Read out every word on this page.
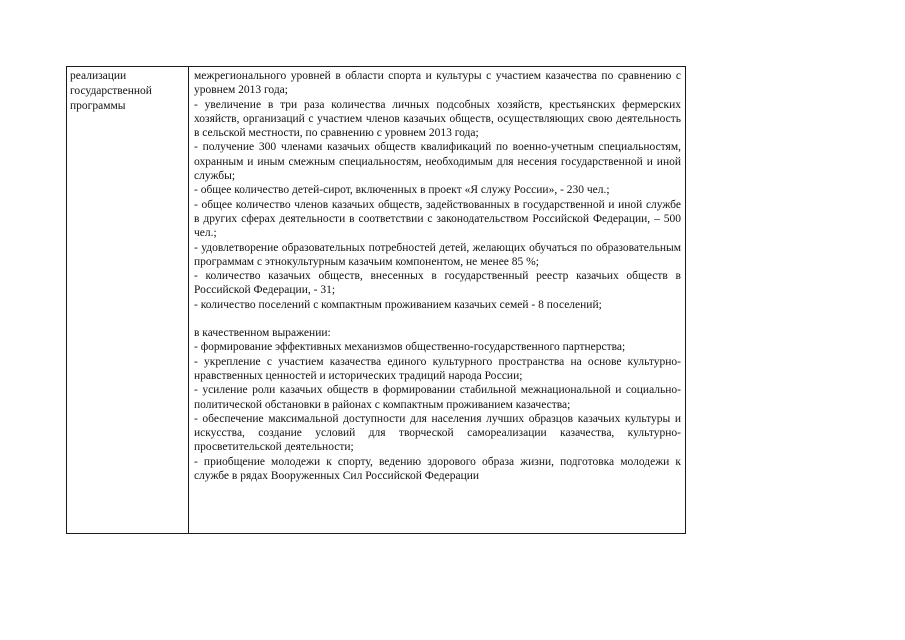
реализации
государственной
программы

межрегионального уровней в области спорта и культуры с участием казачества по сравнению с уровнем 2013 года;

- увеличение в три раза количества личных подсобных хозяйств, крестьянских фермерских хозяйств, организаций с участием членов казачьих обществ, осуществляющих свою деятельность в сельской местности, по сравнению с уровнем 2013 года;

- получение 300 членами казачьих обществ квалификаций по военно-учетным специальностям, охранным и иным смежным специальностям, необходимым для несения государственной и иной службы;

- общее количество детей-сирот, включенных в проект «Я служу России», - 230 чел.;

- общее количество членов казачьих обществ, задействованных в государственной и иной службе в других сферах деятельности в соответствии с законодательством Российской Федерации, – 500 чел.;

- удовлетворение образовательных потребностей детей, желающих обучаться по образовательным программам с этнокультурным казачьим компонентом, не менее 85 %;

- количество казачьих обществ, внесенных в государственный реестр казачьих обществ в Российской Федерации, - 31;

- количество поселений с компактным проживанием казачьих семей - 8 поселений;

в качественном выражении:

- формирование эффективных механизмов общественно-государственного партнерства;

- укрепление с участием казачества единого культурного пространства на основе культурно-нравственных ценностей и исторических традиций народа России;

- усиление роли казачьих обществ в формировании стабильной межнациональной и социально-политической обстановки в районах с компактным проживанием казачества;

- обеспечение максимальной доступности для населения лучших образцов казачьих культуры и искусства, создание условий для творческой самореализации казачества, культурно-просветительской деятельности;

- приобщение молодежи к спорту, ведению здорового образа жизни, подготовка молодежи к службе в рядах Вооруженных Сил Российской Федерации
